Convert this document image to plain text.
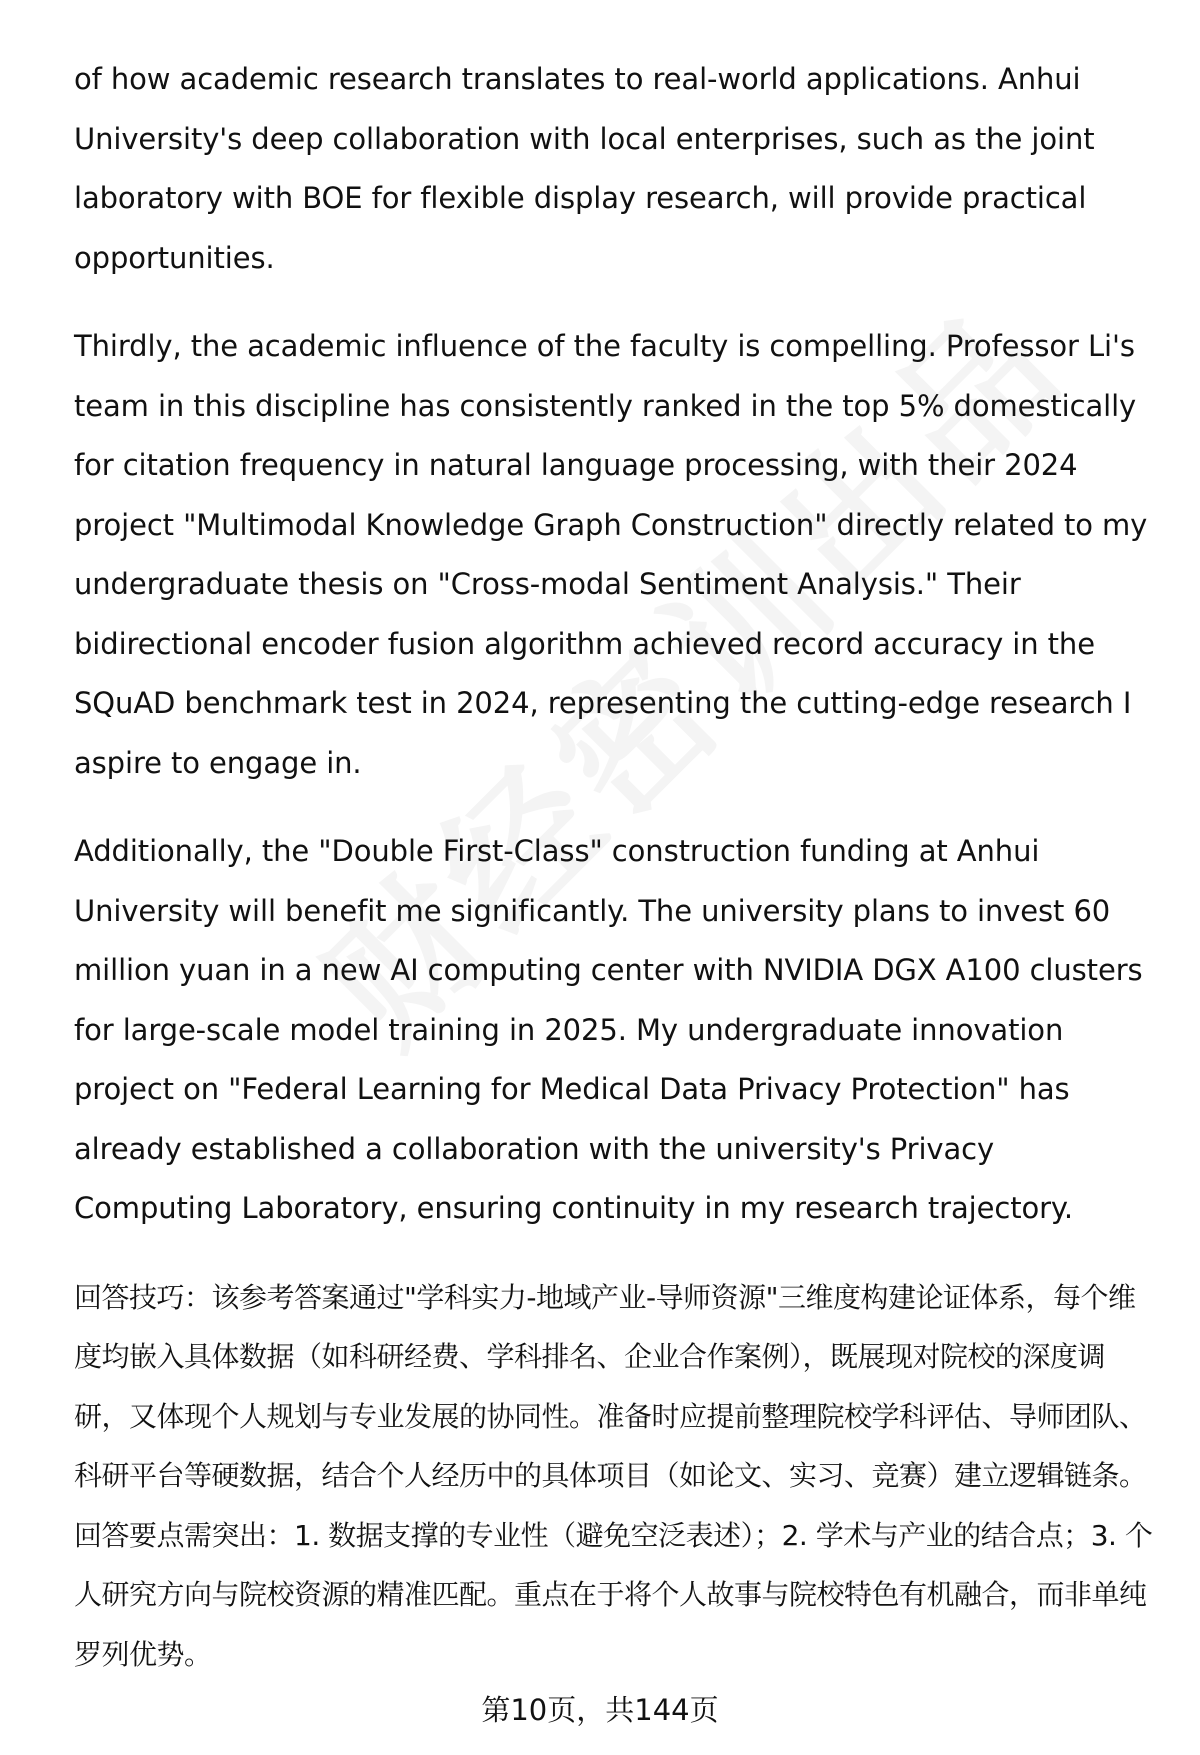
of how academic research translates to real-world applications. Anhui University's deep collaboration with local enterprises, such as the joint laboratory with BOE for flexible display research, will provide practical opportunities.

Thirdly, the academic influence of the faculty is compelling. Professor Li's team in this discipline has consistently ranked in the top 5% domestically for citation frequency in natural language processing, with their 2024 project "Multimodal Knowledge Graph Construction" directly related to my undergraduate thesis on "Cross-modal Sentiment Analysis." Their bidirectional encoder fusion algorithm achieved record accuracy in the SQuAD benchmark test in 2024, representing the cutting-edge research I aspire to engage in.

Additionally, the "Double First-Class" construction funding at Anhui University will benefit me significantly. The university plans to invest 60 million yuan in a new AI computing center with NVIDIA DGX A100 clusters for large-scale model training in 2025. My undergraduate innovation project on "Federal Learning for Medical Data Privacy Protection" has already established a collaboration with the university's Privacy Computing Laboratory, ensuring continuity in my research trajectory.

回答技巧：该参考答案通过"学科实力-地域产业-导师资源"三维度构建论证体系，每个维度均嵌入具体数据（如科研经费、学科排名、企业合作案例），既展现对院校的深度调研，又体现个人规划与专业发展的协同性。准备时应提前整理院校学科评估、导师团队、科研平台等硬数据，结合个人经历中的具体项目（如论文、实习、竞赛）建立逻辑链条。回答要点需突出：1. 数据支撑的专业性（避免空泛表述）；2. 学术与产业的结合点；3. 个人研究方向与院校资源的精准匹配。重点在于将个人故事与院校特色有机融合，而非单纯罗列优势。

第10页，共144页
